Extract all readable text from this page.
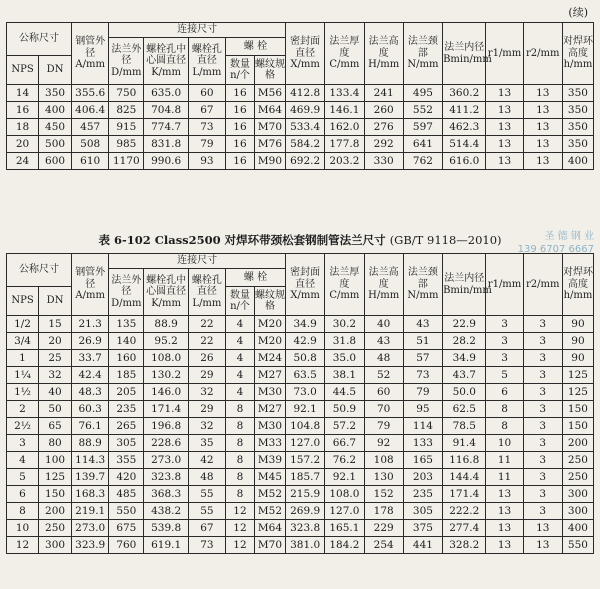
(续)
公称尺寸		钢管外径A/mm	连接尺寸					密封面直径X/mm	法兰厚度C/mm	法兰高度H/mm	法兰颈部N/mm	法兰内径Bmin/mm	r1/mm	r2/mm	对焊环高度h/mm
			法兰外径D/mm	螺栓孔中心圆直径K/mm	螺栓孔直径L/mm	螺 栓									
NPS	DN					数量n/个	螺纹规格								
14	350	355.6	750	635.0	60	16	M56	412.8	133.4	241	495	360.2	13	13	350
16	400	406.4	825	704.8	67	16	M64	469.9	146.1	260	552	411.2	13	13	350
18	450	457	915	774.7	73	16	M70	533.4	162.0	276	597	462.3	13	13	350
20	500	508	985	831.8	79	16	M76	584.2	177.8	292	641	514.4	13	13	350
24	600	610	1170	990.6	93	16	M90	692.2	203.2	330	762	616.0	13	13	400
表 6-102 Class2500 对焊环带颈松套钢制管法兰尺寸 (GB/T 9118—2010)	圣 德 钢 业
139 6707 6667
公称尺寸		钢管外径A/mm	连接尺寸					密封面直径X/mm	法兰厚度C/mm	法兰高度H/mm	法兰颈部N/mm	法兰内径Bmin/mm	r1/mm	r2/mm	对焊环高度h/mm
			法兰外径D/mm	螺栓孔中心圆直径K/mm	螺栓孔直径L/mm	螺 栓									
NPS	DN					数量n/个	螺纹规格								
1/2	15	21.3	135	88.9	22	4	M20	34.9	30.2	40	43	22.9	3	3	90
3/4	20	26.9	140	95.2	22	4	M20	42.9	31.8	43	51	28.2	3	3	90
1	25	33.7	160	108.0	26	4	M24	50.8	35.0	48	57	34.9	3	3	90
1¼	32	42.4	185	130.2	29	4	M27	63.5	38.1	52	73	43.7	5	3	125
1½	40	48.3	205	146.0	32	4	M30	73.0	44.5	60	79	50.0	6	3	125
2	50	60.3	235	171.4	29	8	M27	92.1	50.9	70	95	62.5	8	3	150
2½	65	76.1	265	196.8	32	8	M30	104.8	57.2	79	114	78.5	8	3	150
3	80	88.9	305	228.6	35	8	M33	127.0	66.7	92	133	91.4	10	3	200
4	100	114.3	355	273.0	42	8	M39	157.2	76.2	108	165	116.8	11	3	250
5	125	139.7	420	323.8	48	8	M45	185.7	92.1	130	203	144.4	11	3	250
6	150	168.3	485	368.3	55	8	M52	215.9	108.0	152	235	171.4	13	3	300
8	200	219.1	550	438.2	55	12	M52	269.9	127.0	178	305	222.2	13	3	300
10	250	273.0	675	539.8	67	12	M64	323.8	165.1	229	375	277.4	13	13	400
12	300	323.9	760	619.1	73	12	M70	381.0	184.2	254	441	328.2	13	13	550
